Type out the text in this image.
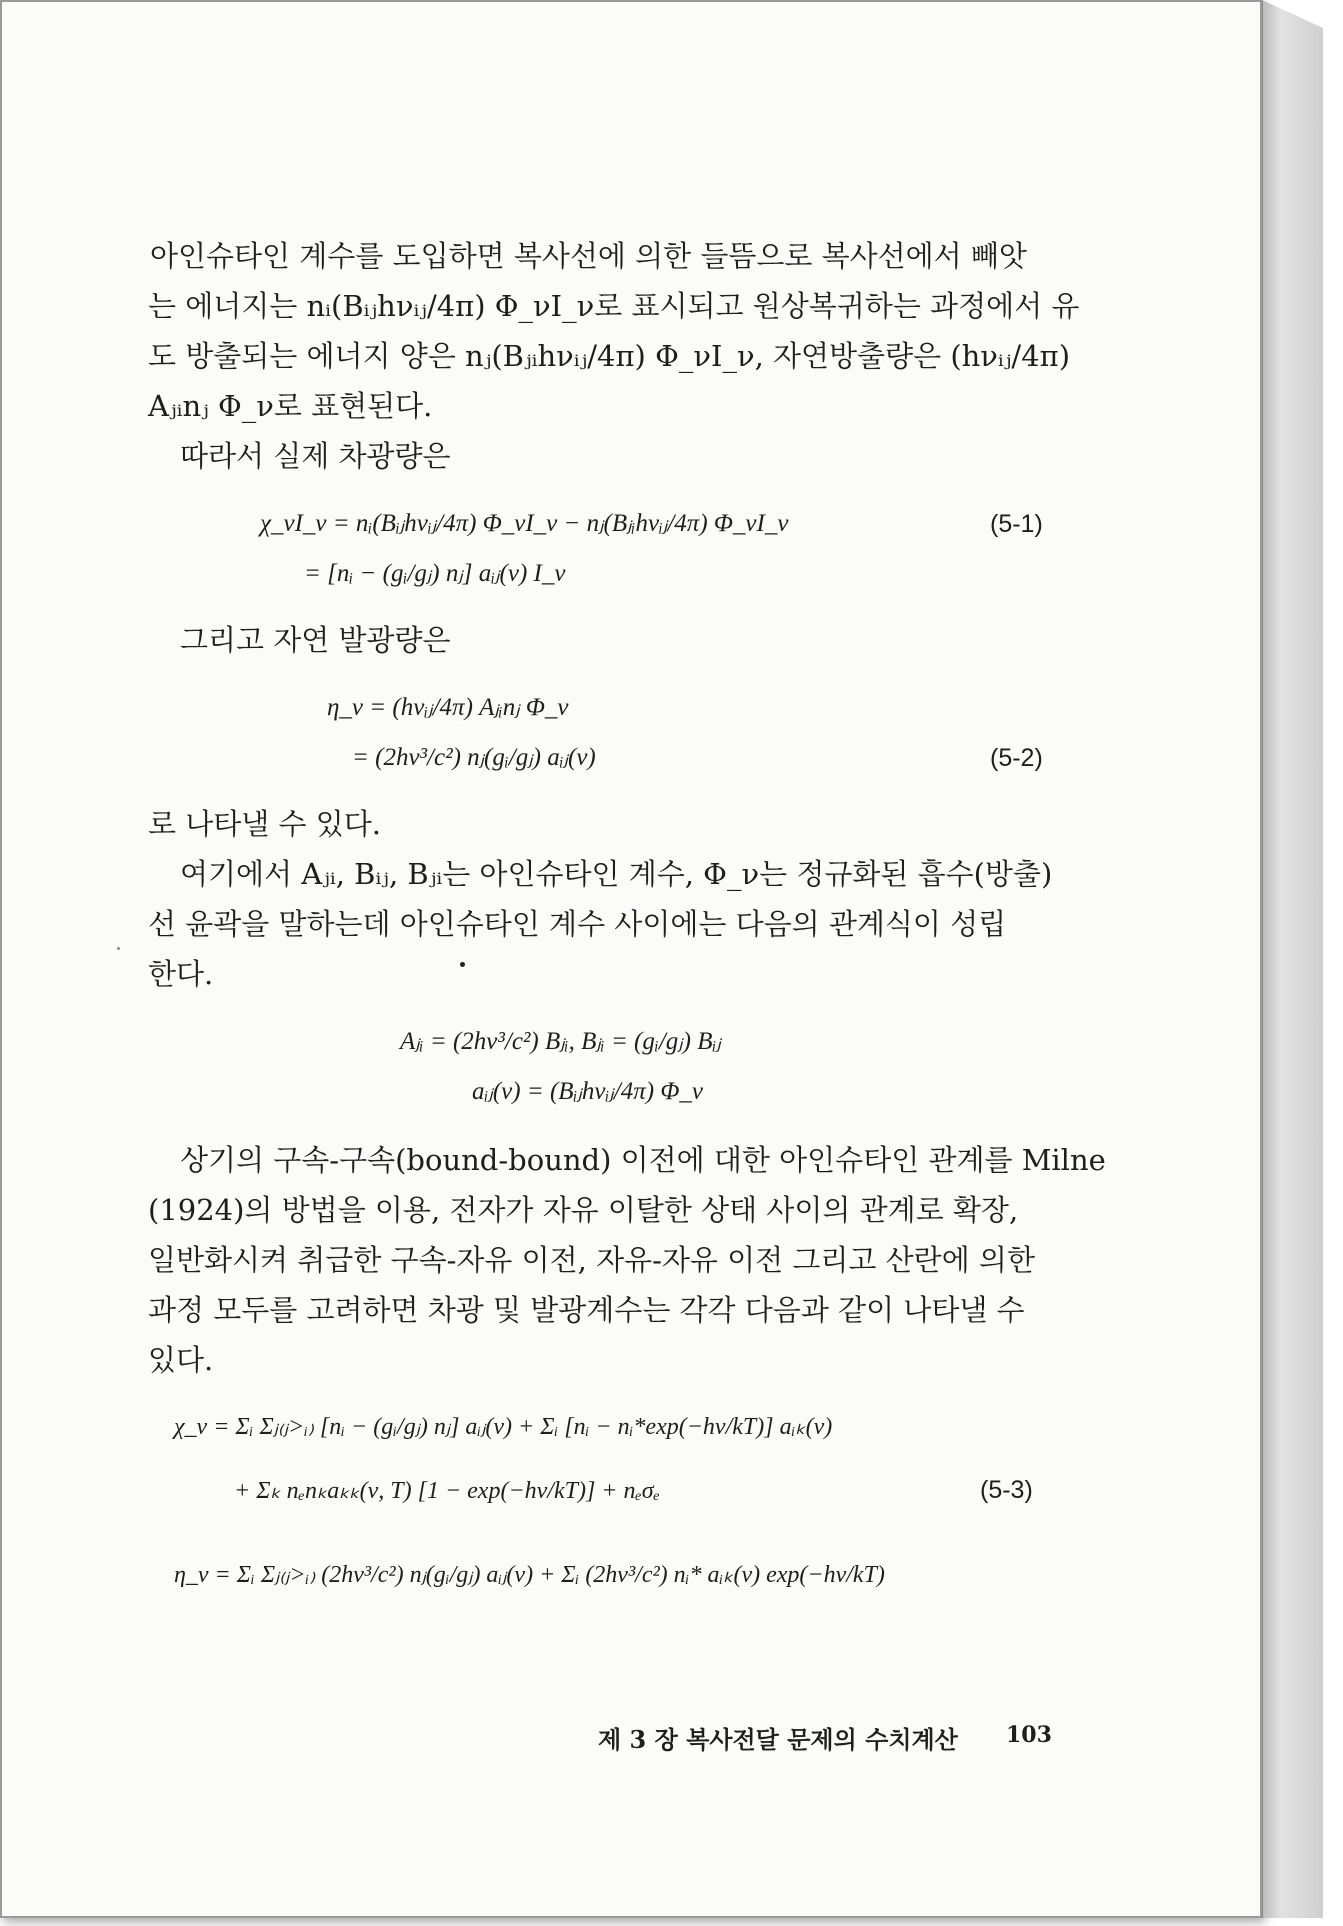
아인슈타인 계수를 도입하면 복사선에 의한 들뜸으로 복사선에서 빼앗
는 에너지는 nᵢ(Bᵢⱼhνᵢⱼ/4π) Φ_νI_ν로 표시되고 원상복귀하는 과정에서 유
도 방출되는 에너지 양은 nⱼ(Bⱼᵢhνᵢⱼ/4π) Φ_νI_ν, 자연방출량은 (hνᵢⱼ/4π)
Aⱼᵢnⱼ Φ_ν로 표현된다.
따라서 실제 차광량은
χ_νI_ν = nᵢ(Bᵢⱼhνᵢⱼ/4π) Φ_νI_ν − nⱼ(Bⱼᵢhνᵢⱼ/4π) Φ_νI_ν
= [nᵢ − (gᵢ/gⱼ) nⱼ] aᵢⱼ(ν) I_ν
(5-1)
그리고 자연 발광량은
η_ν = (hνᵢⱼ/4π) Aⱼᵢnⱼ Φ_ν
= (2hν³/c²) nⱼ(gᵢ/gⱼ) aᵢⱼ(ν)	(5-2)
로 나타낼 수 있다.
여기에서 Aⱼᵢ, Bᵢⱼ, Bⱼᵢ는 아인슈타인 계수, Φ_ν는 정규화된 흡수(방출)
선 윤곽을 말하는데 아인슈타인 계수 사이에는 다음의 관계식이 성립
한다.
Aⱼᵢ = (2hν³/c²) Bⱼᵢ, Bⱼᵢ = (gᵢ/gⱼ) Bᵢⱼ
aᵢⱼ(ν) = (Bᵢⱼhνᵢⱼ/4π) Φ_ν
상기의 구속-구속(bound-bound) 이전에 대한 아인슈타인 관계를 Milne
(1924)의 방법을 이용, 전자가 자유 이탈한 상태 사이의 관계로 확장,
일반화시켜 취급한 구속-자유 이전, 자유-자유 이전 그리고 산란에 의한
과정 모두를 고려하면 차광 및 발광계수는 각각 다음과 같이 나타낼 수
있다.
χ_ν = Σᵢ Σⱼ₍ⱼ>ᵢ₎ [nᵢ − (gᵢ/gⱼ) nⱼ] aᵢⱼ(ν) + Σᵢ [nᵢ − nᵢ*exp(−hν/kT)] aᵢₖ(ν)
+ Σₖ nₑnₖaₖₖ(ν, T) [1 − exp(−hν/kT)] + nₑσₑ	(5-3)
η_ν = Σᵢ Σⱼ₍ⱼ>ᵢ₎ (2hν³/c²) nⱼ(gᵢ/gⱼ) aᵢⱼ(ν) + Σᵢ (2hν³/c²) nᵢ* aᵢₖ(ν) exp(−hν/kT)
제 3 장 복사전달 문제의 수치계산 103
